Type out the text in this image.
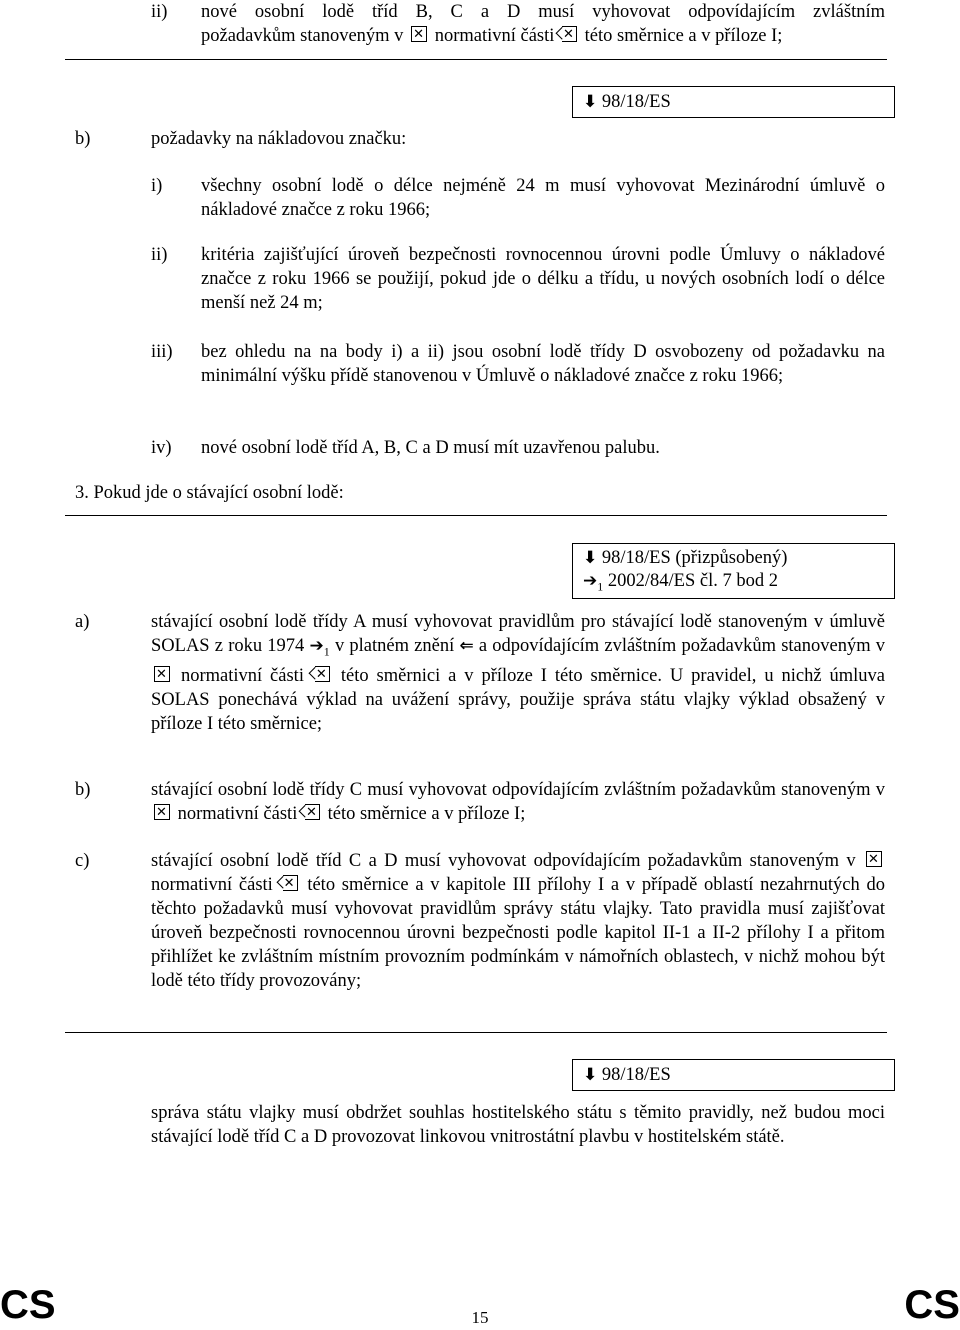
ii) nové osobní lodě tříd B, C a D musí vyhovovat odpovídajícím zvláštním
požadavkům stanoveným v ✕ normativní části ✕ této směrnice a v příloze I;
⬇ 98/18/ES
b)	požadavky na nákladovou značku:
i) všechny osobní lodě o délce nejméně 24 m musí vyhovovat Mezinárodní úmluvě o nákladové značce z roku 1966;
ii) kritéria zajišťující úroveň bezpečnosti rovnocennou úrovni podle Úmluvy o nákladové značce z roku 1966 se použijí, pokud jde o délku a třídu, u nových osobních lodí o délce menší než 24 m;
iii) bez ohledu na na body i) a ii) jsou osobní lodě třídy D osvobozeny od požadavku na minimální výšku přídě stanovenou v Úmluvě o nákladové značce z roku 1966;
iv) nové osobní lodě tříd A, B, C a D musí mít uzavřenou palubu.
3. Pokud jde o stávající osobní lodě:
⬇ 98/18/ES (přizpůsobený)
$➔_1$ 2002/84/ES čl. 7 bod 2
a)	stávající osobní lodě třídy A musí vyhovovat pravidlům pro stávající lodě stanoveným v úmluvě SOLAS z roku 1974 $➔_1$ v platném znění ⇐ a odpovídajícím zvláštním požadavkům stanoveným v ✕ normativní části ✕ této směrnici a v příloze I této směrnice. U pravidel, u nichž úmluva SOLAS ponechává výklad na uvážení správy, použije správa státu vlajky výklad obsažený v příloze I této směrnice;
b)	stávající osobní lodě třídy C musí vyhovovat odpovídajícím zvláštním požadavkům stanoveným v ✕ normativní části ✕ této směrnice a v příloze I;
c)	stávající osobní lodě tříd C a D musí vyhovovat odpovídajícím požadavkům stanoveným v ✕ normativní části ✕ této směrnice a v kapitole III přílohy I a v případě oblastí nezahrnutých do těchto požadavků musí vyhovovat pravidlům správy státu vlajky. Tato pravidla musí zajišťovat úroveň bezpečnosti rovnocennou úrovni bezpečnosti podle kapitol II-1 a II-2 přílohy I a přitom přihlížet ke zvláštním místním provozním podmínkám v námořních oblastech, v nichž mohou být lodě této třídy provozovány;
⬇ 98/18/ES
správa státu vlajky musí obdržet souhlas hostitelského státu s těmito pravidly, než budou moci stávající lodě tříd C a D provozovat linkovou vnitrostátní plavbu v hostitelském státě.
CS	15	CS
